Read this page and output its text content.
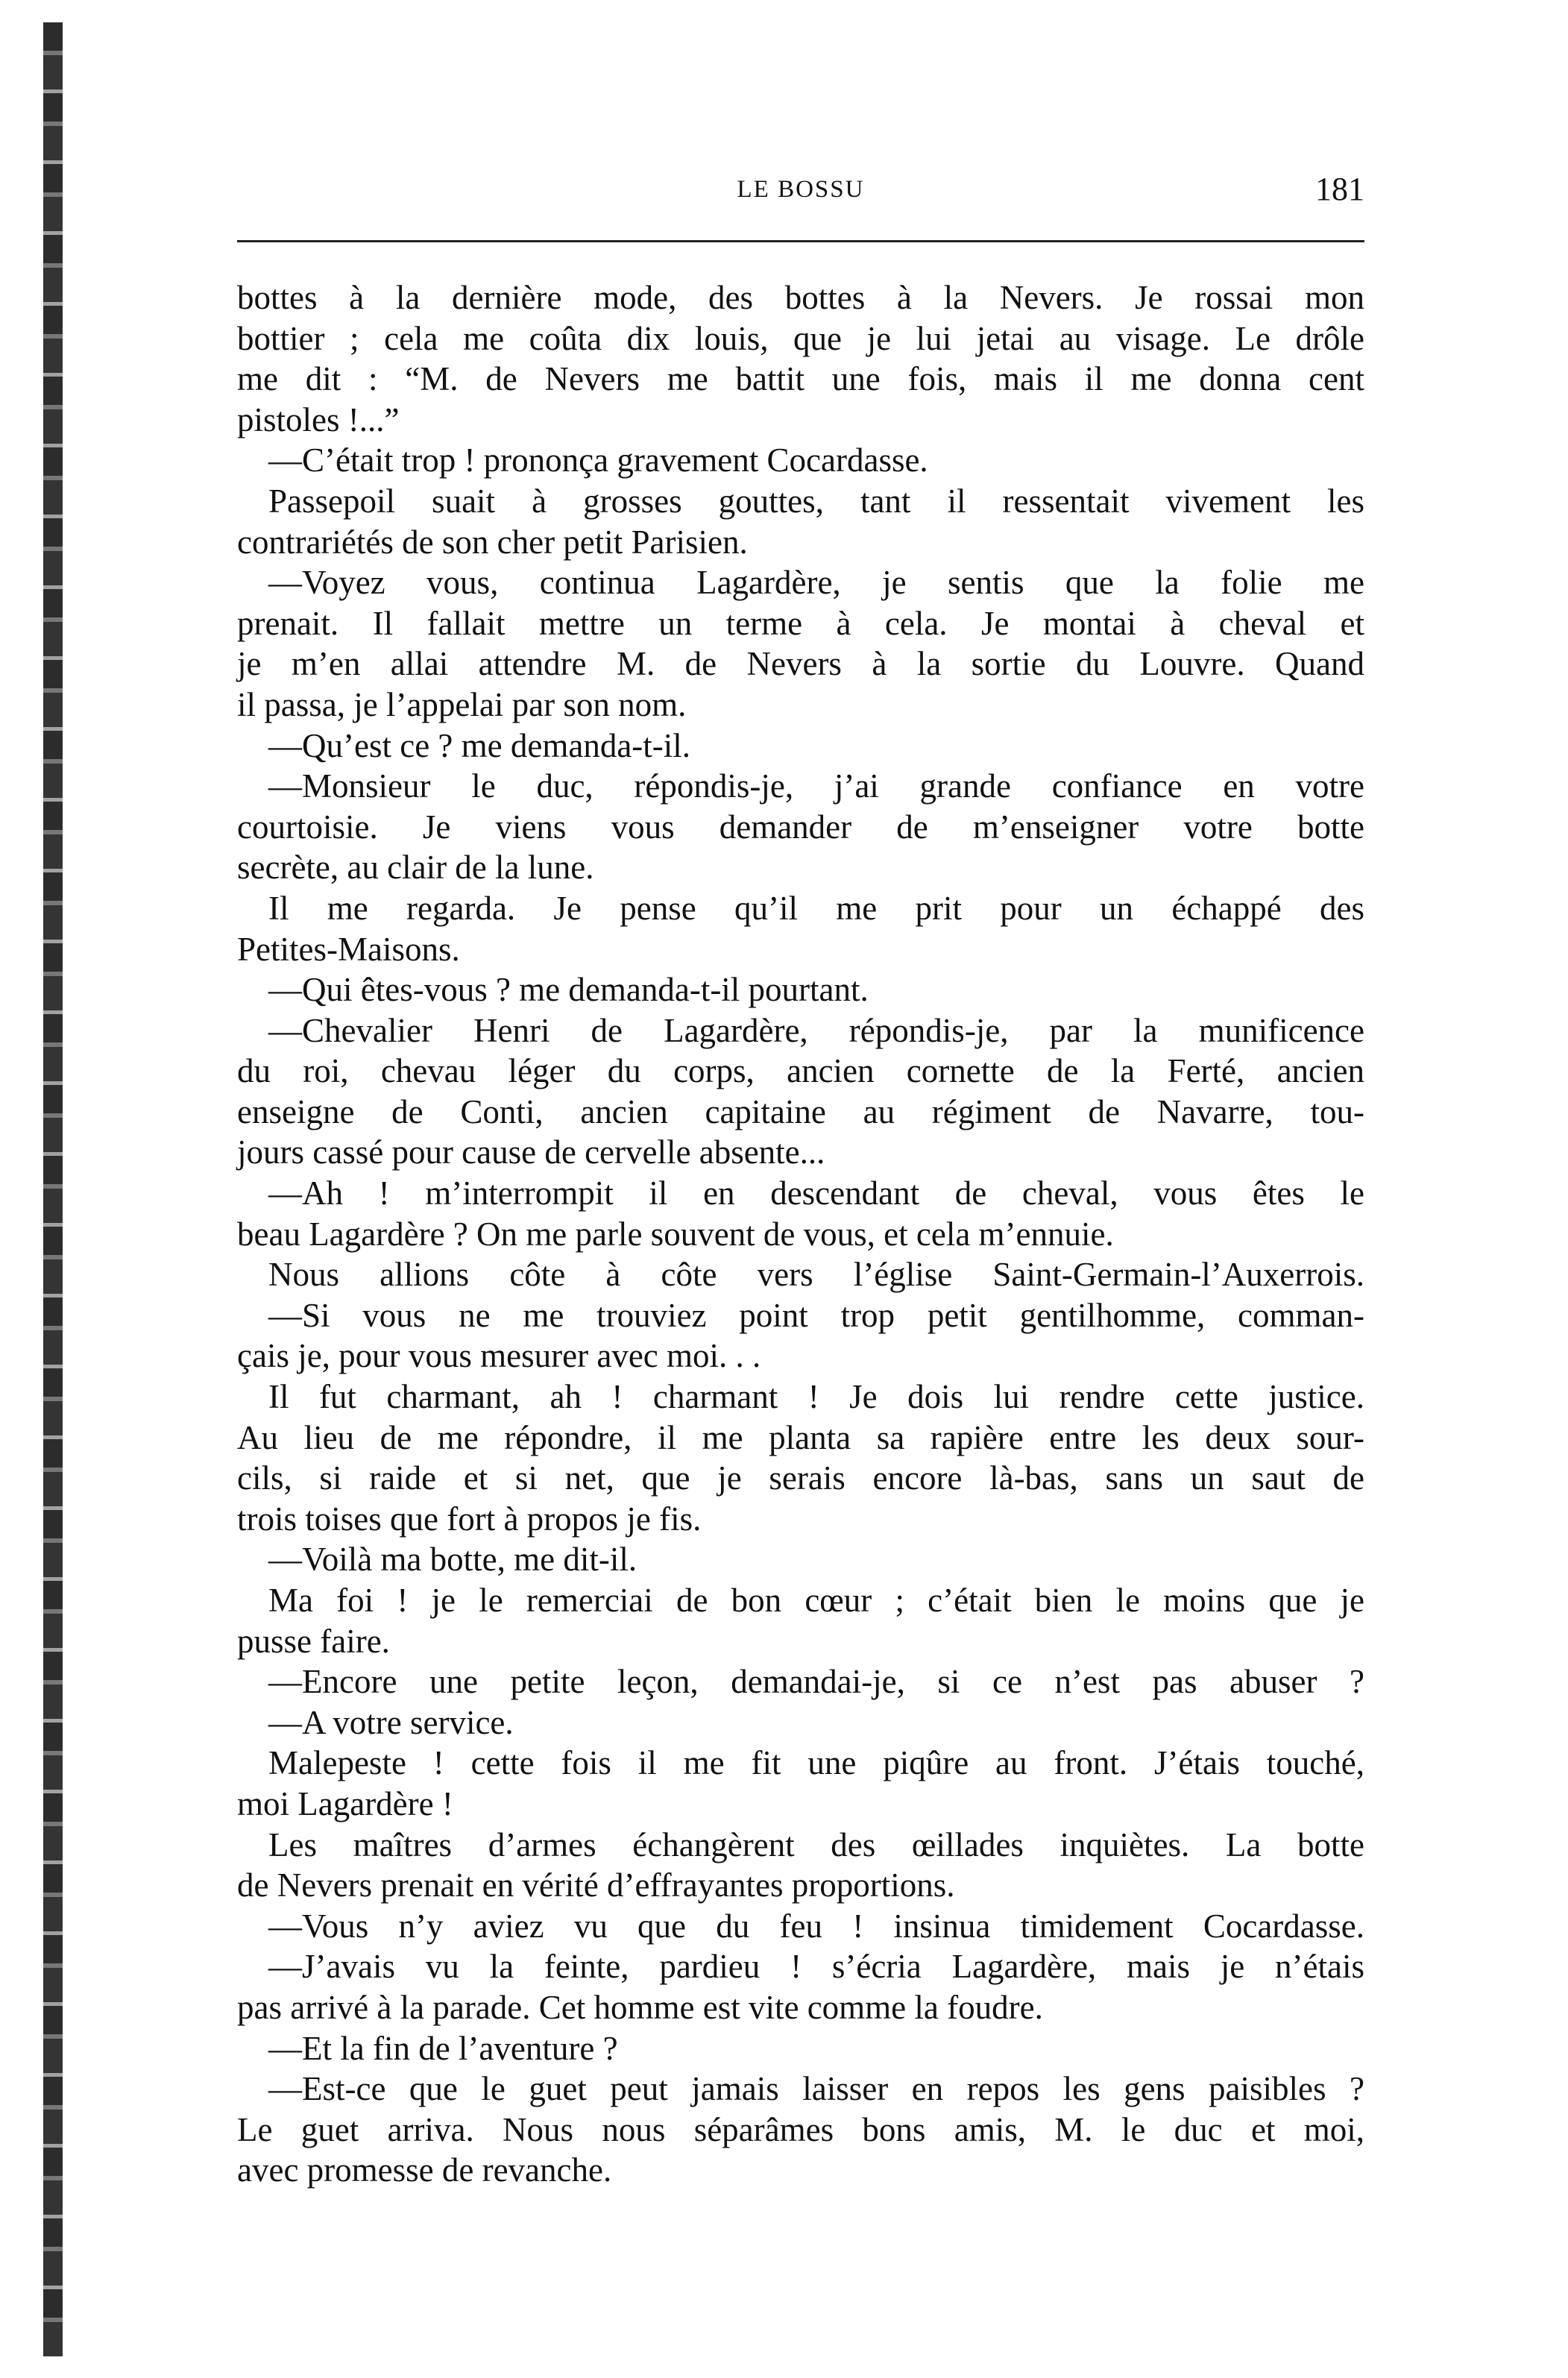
LE BOSSU	181
bottes à la dernière mode, des bottes à la Nevers. Je rossai mon
bottier ; cela me coûta dix louis, que je lui jetai au visage. Le drôle
me dit : “M. de Nevers me battit une fois, mais il me donna cent
pistoles !...”
—C’était trop ! prononça gravement Cocardasse.
Passepoil suait à grosses gouttes, tant il ressentait vivement les
contrariétés de son cher petit Parisien.
—Voyez vous, continua Lagardère, je sentis que la folie me
prenait. Il fallait mettre un terme à cela. Je montai à cheval et
je m’en allai attendre M. de Nevers à la sortie du Louvre. Quand
il passa, je l’appelai par son nom.
—Qu’est ce ? me demanda-t-il.
—Monsieur le duc, répondis-je, j’ai grande confiance en votre
courtoisie. Je viens vous demander de m’enseigner votre botte
secrète, au clair de la lune.
Il me regarda. Je pense qu’il me prit pour un échappé des
Petites-Maisons.
—Qui êtes-vous ? me demanda-t-il pourtant.
—Chevalier Henri de Lagardère, répondis-je, par la munificence
du roi, chevau léger du corps, ancien cornette de la Ferté, ancien
enseigne de Conti, ancien capitaine au régiment de Navarre, tou-
jours cassé pour cause de cervelle absente...
—Ah ! m’interrompit il en descendant de cheval, vous êtes le
beau Lagardère ? On me parle souvent de vous, et cela m’ennuie.
Nous allions côte à côte vers l’église Saint-Germain-l’Auxerrois.
—Si vous ne me trouviez point trop petit gentilhomme, comman-
çais je, pour vous mesurer avec moi. . .
Il fut charmant, ah ! charmant ! Je dois lui rendre cette justice.
Au lieu de me répondre, il me planta sa rapière entre les deux sour-
cils, si raide et si net, que je serais encore là-bas, sans un saut de
trois toises que fort à propos je fis.
—Voilà ma botte, me dit-il.
Ma foi ! je le remerciai de bon cœur ; c’était bien le moins que je
pusse faire.
—Encore une petite leçon, demandai-je, si ce n’est pas abuser ?
—A votre service.
Malepeste ! cette fois il me fit une piqûre au front. J’étais touché,
moi Lagardère !
Les maîtres d’armes échangèrent des œillades inquiètes. La botte
de Nevers prenait en vérité d’effrayantes proportions.
—Vous n’y aviez vu que du feu ! insinua timidement Cocardasse.
—J’avais vu la feinte, pardieu ! s’écria Lagardère, mais je n’étais
pas arrivé à la parade. Cet homme est vite comme la foudre.
—Et la fin de l’aventure ?
—Est-ce que le guet peut jamais laisser en repos les gens paisibles ?
Le guet arriva. Nous nous séparâmes bons amis, M. le duc et moi,
avec promesse de revanche.
